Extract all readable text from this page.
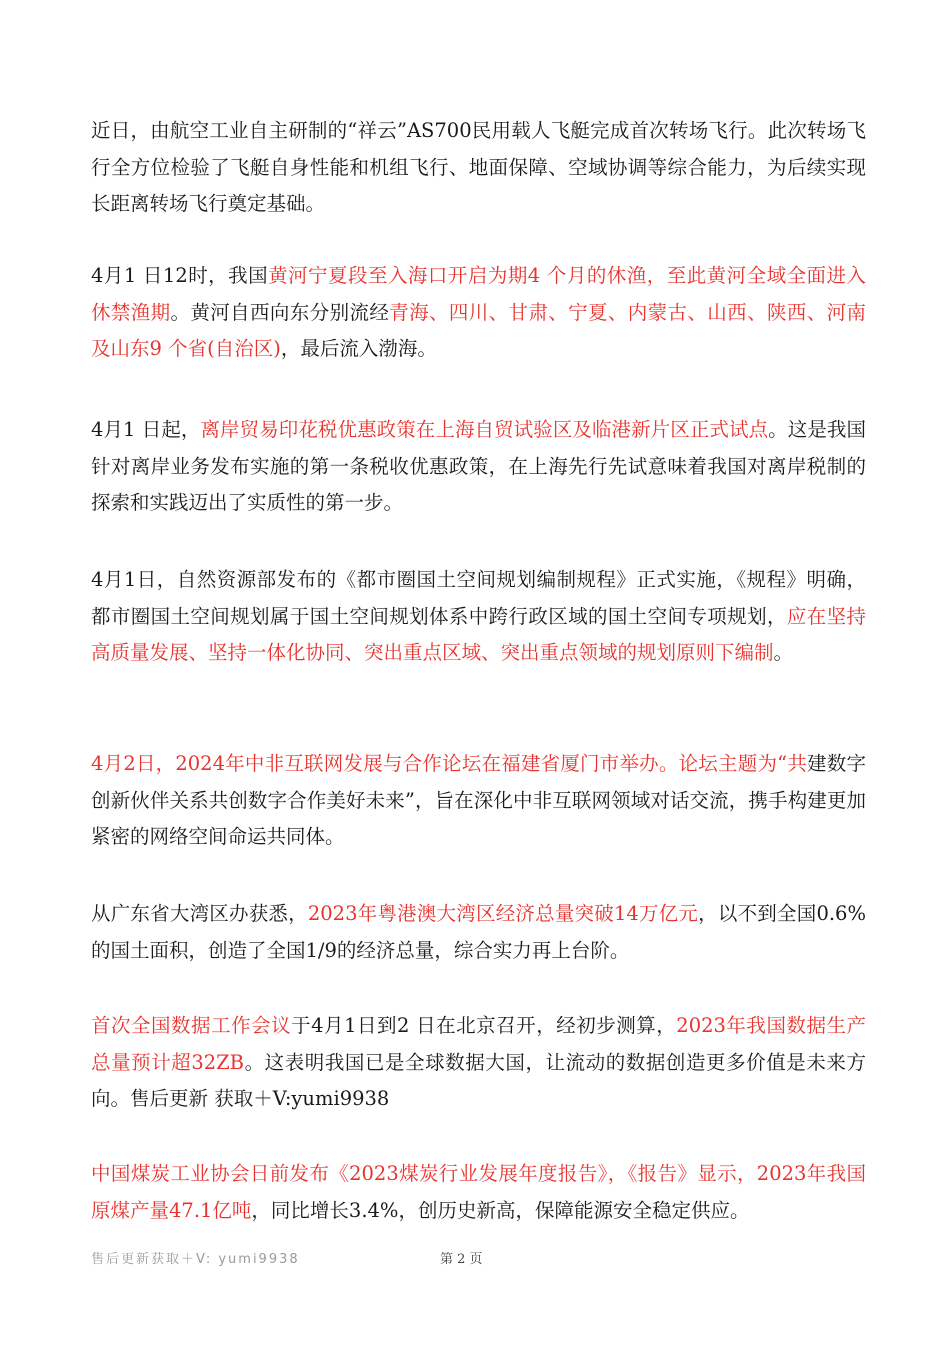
近日，由航空工业自主研制的“祥云”AS700民用载人飞艇完成首次转场飞行。此次转场飞行全方位检验了飞艇自身性能和机组飞行、地面保障、空域协调等综合能力，为后续实现长距离转场飞行奠定基础。

4月1 日12时，我国黄河宁夏段至入海口开启为期4 个月的休渔，至此黄河全域全面进入休禁渔期。黄河自西向东分别流经青海、四川、甘肃、宁夏、内蒙古、山西、陕西、河南及山东9 个省(自治区)，最后流入渤海。

4月1 日起，离岸贸易印花税优惠政策在上海自贸试验区及临港新片区正式试点。这是我国针对离岸业务发布实施的第一条税收优惠政策，在上海先行先试意味着我国对离岸税制的探索和实践迈出了实质性的第一步。

4月1日，自然资源部发布的《都市圈国土空间规划编制规程》正式实施，《规程》明确，都市圈国土空间规划属于国土空间规划体系中跨行政区域的国土空间专项规划，应在坚持高质量发展、坚持一体化协同、突出重点区域、突出重点领域的规划原则下编制。

4月2日，2024年中非互联网发展与合作论坛在福建省厦门市举办。论坛主题为“共建数字创新伙伴关系共创数字合作美好未来”，旨在深化中非互联网领域对话交流，携手构建更加紧密的网络空间命运共同体。

从广东省大湾区办获悉，2023年粤港澳大湾区经济总量突破14万亿元，以不到全国0.6%的国土面积，创造了全国1/9的经济总量，综合实力再上台阶。

首次全国数据工作会议于4月1日到2 日在北京召开，经初步测算，2023年我国数据生产总量预计超32ZB。这表明我国已是全球数据大国，让流动的数据创造更多价值是未来方向。售后更新 获取＋V:yumi9938

中国煤炭工业协会日前发布《2023煤炭行业发展年度报告》，《报告》显示，2023年我国原煤产量47.1亿吨，同比增长3.4%，创历史新高，保障能源安全稳定供应。

售后更新获取＋V: yumi9938	第 2 页
